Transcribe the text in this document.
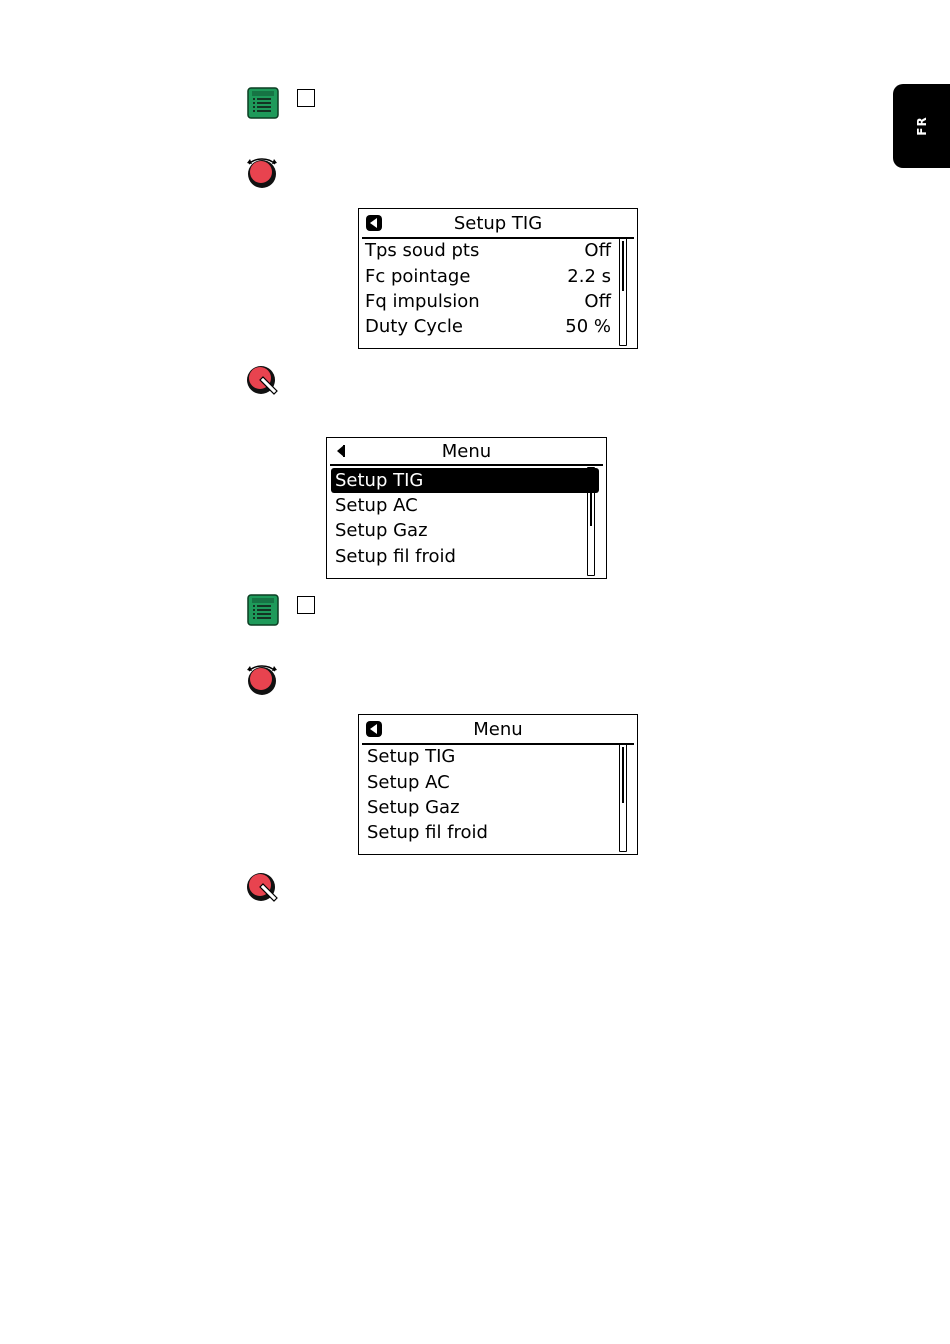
FR
Setup TIG
Tps soud pts	Off
Fc pointage	2.2 s
Fq impulsion	Off
Duty Cycle	50 %
Menu
Setup TIG
Setup AC
Setup Gaz
Setup fil froid
Menu
Setup TIG
Setup AC
Setup Gaz
Setup fil froid
